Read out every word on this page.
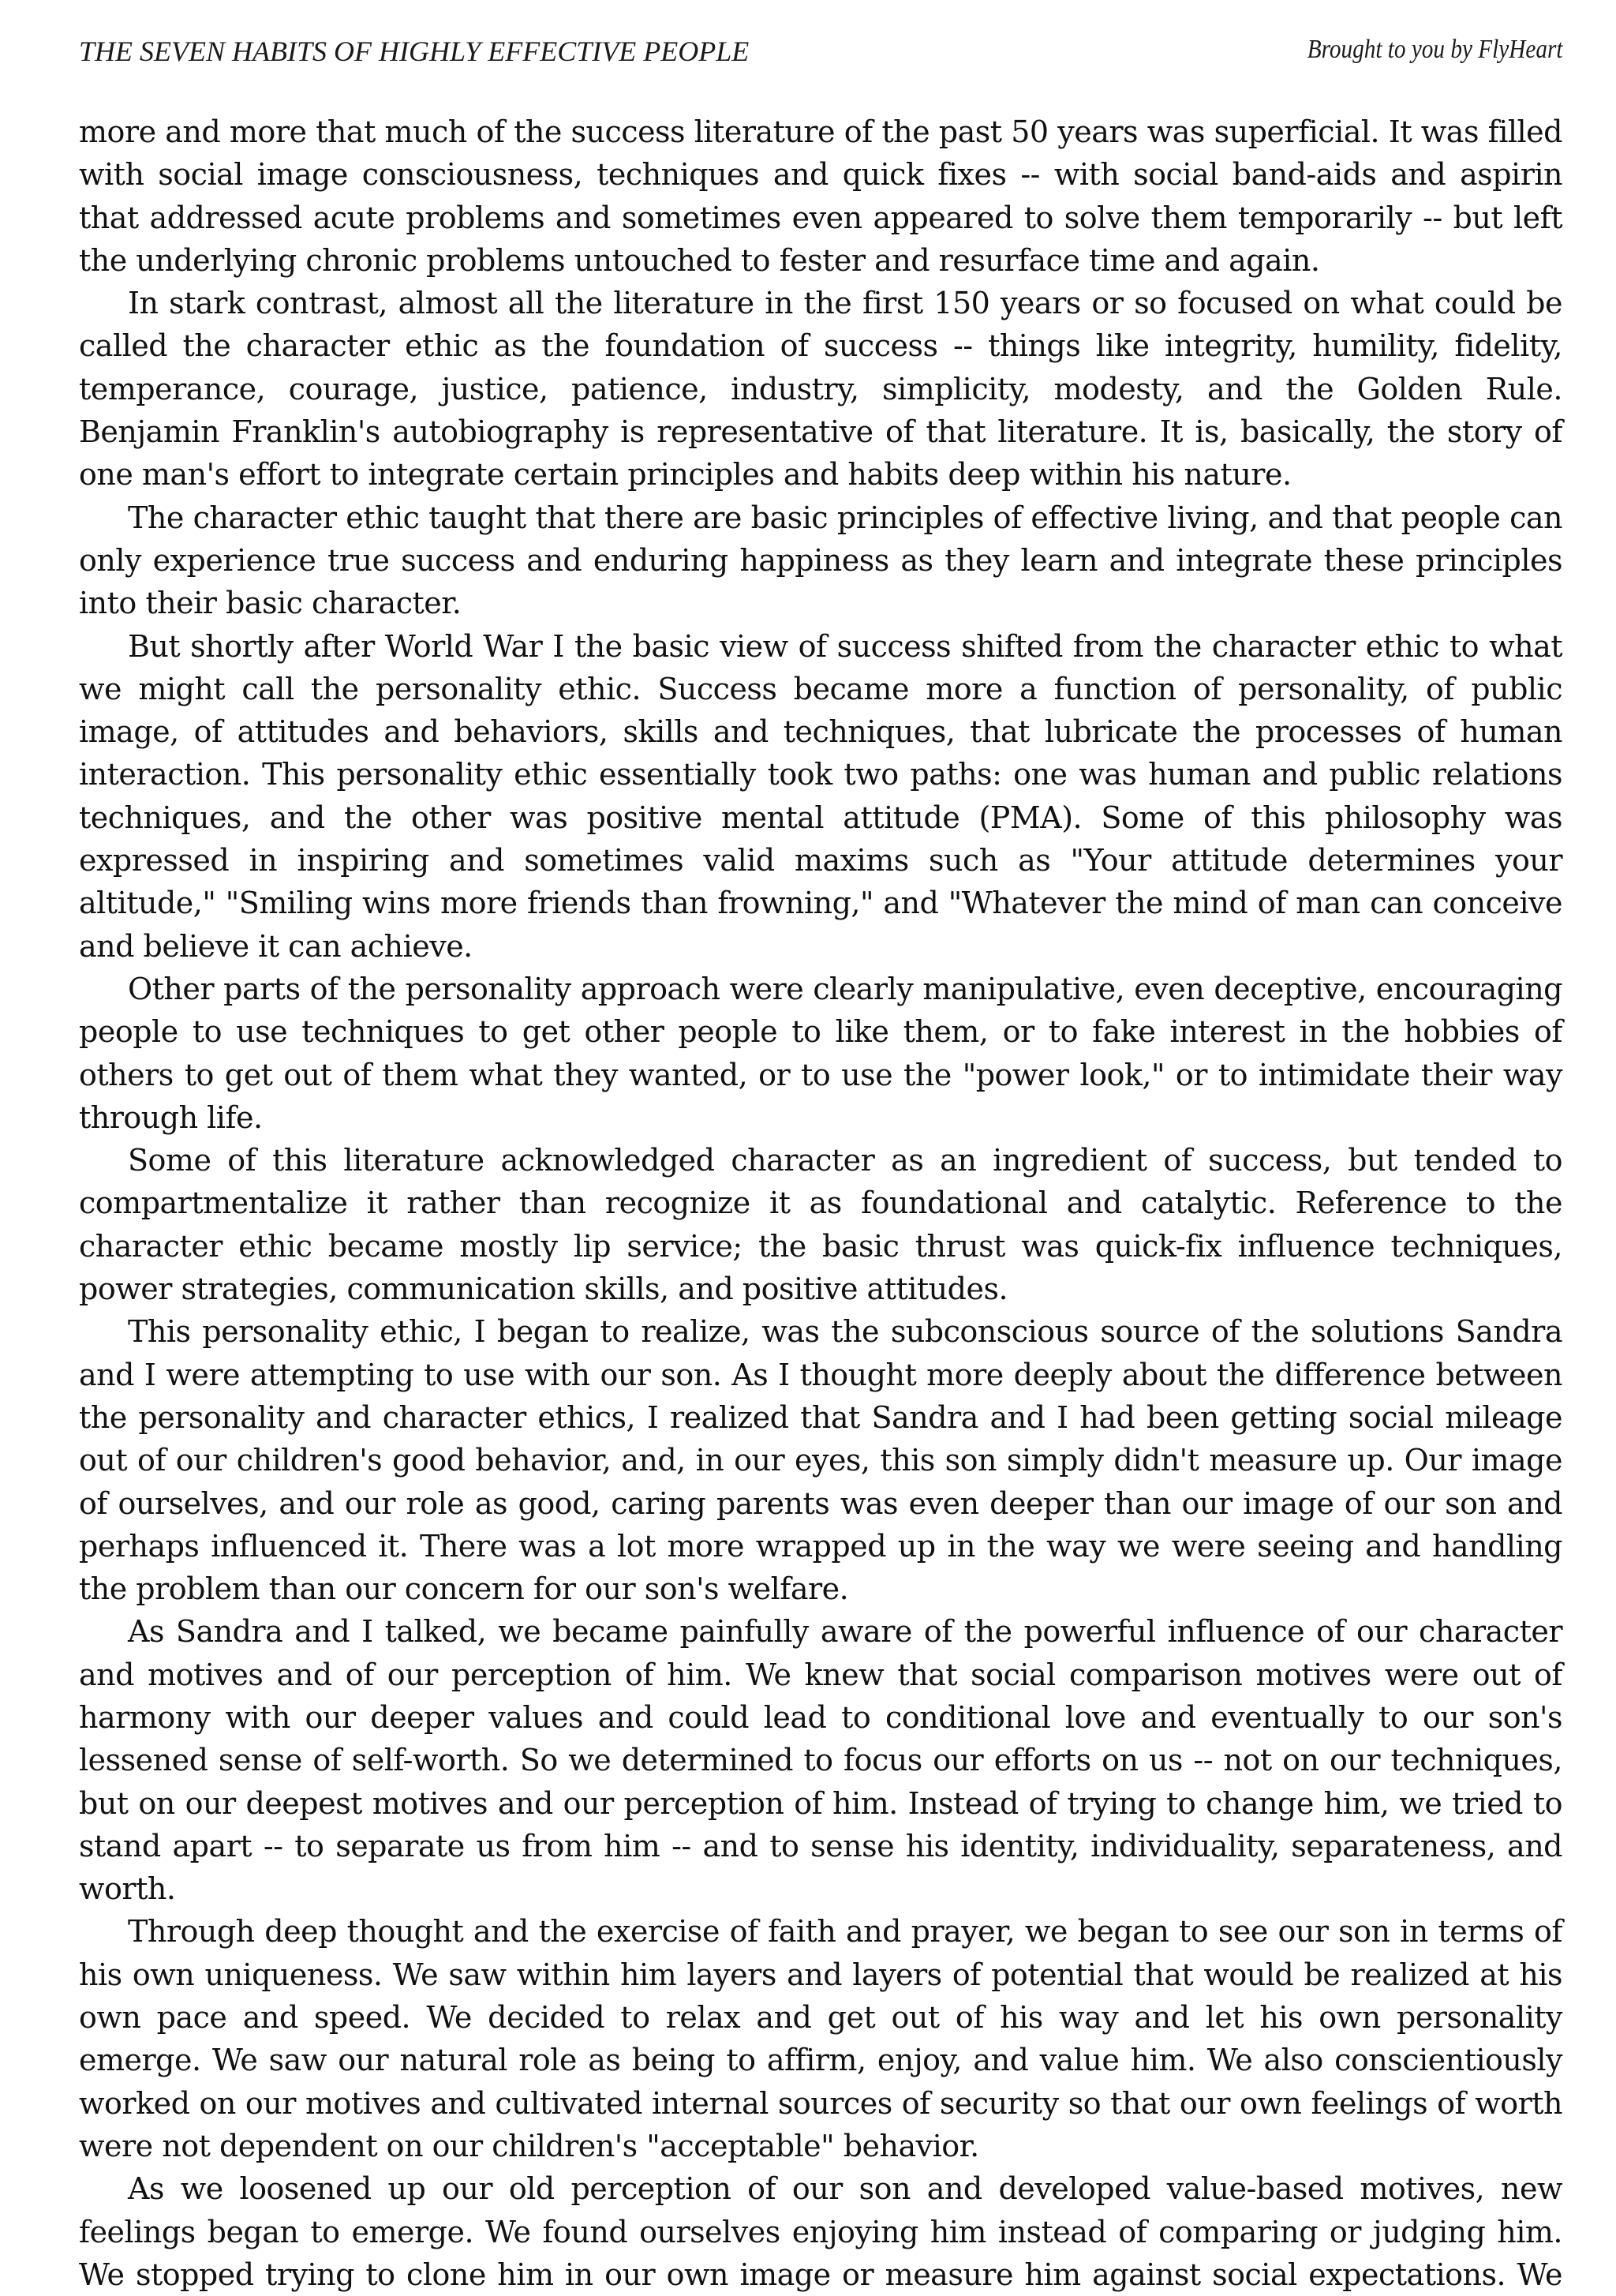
THE SEVEN HABITS OF HIGHLY EFFECTIVE PEOPLE	Brought to you by FlyHeart

more and more that much of the success literature of the past 50 years was superficial. It was filled with social image consciousness, techniques and quick fixes -- with social band-aids and aspirin that addressed acute problems and sometimes even appeared to solve them temporarily -- but left the underlying chronic problems untouched to fester and resurface time and again.

In stark contrast, almost all the literature in the first 150 years or so focused on what could be called the character ethic as the foundation of success -- things like integrity, humility, fidelity, temperance, courage, justice, patience, industry, simplicity, modesty, and the Golden Rule. Benjamin Franklin's autobiography is representative of that literature. It is, basically, the story of one man's effort to integrate certain principles and habits deep within his nature.

The character ethic taught that there are basic principles of effective living, and that people can only experience true success and enduring happiness as they learn and integrate these principles into their basic character.

But shortly after World War I the basic view of success shifted from the character ethic to what we might call the personality ethic. Success became more a function of personality, of public image, of attitudes and behaviors, skills and techniques, that lubricate the processes of human interaction. This personality ethic essentially took two paths: one was human and public relations techniques, and the other was positive mental attitude (PMA). Some of this philosophy was expressed in inspiring and sometimes valid maxims such as "Your attitude determines your altitude," "Smiling wins more friends than frowning," and "Whatever the mind of man can conceive and believe it can achieve.

Other parts of the personality approach were clearly manipulative, even deceptive, encouraging people to use techniques to get other people to like them, or to fake interest in the hobbies of others to get out of them what they wanted, or to use the "power look," or to intimidate their way through life.

Some of this literature acknowledged character as an ingredient of success, but tended to compartmentalize it rather than recognize it as foundational and catalytic. Reference to the character ethic became mostly lip service; the basic thrust was quick-fix influence techniques, power strategies, communication skills, and positive attitudes.

This personality ethic, I began to realize, was the subconscious source of the solutions Sandra and I were attempting to use with our son. As I thought more deeply about the difference between the personality and character ethics, I realized that Sandra and I had been getting social mileage out of our children's good behavior, and, in our eyes, this son simply didn't measure up. Our image of ourselves, and our role as good, caring parents was even deeper than our image of our son and perhaps influenced it. There was a lot more wrapped up in the way we were seeing and handling the problem than our concern for our son's welfare.

As Sandra and I talked, we became painfully aware of the powerful influence of our character and motives and of our perception of him. We knew that social comparison motives were out of harmony with our deeper values and could lead to conditional love and eventually to our son's lessened sense of self-worth. So we determined to focus our efforts on us -- not on our techniques, but on our deepest motives and our perception of him. Instead of trying to change him, we tried to stand apart -- to separate us from him -- and to sense his identity, individuality, separateness, and worth.

Through deep thought and the exercise of faith and prayer, we began to see our son in terms of his own uniqueness. We saw within him layers and layers of potential that would be realized at his own pace and speed. We decided to relax and get out of his way and let his own personality emerge. We saw our natural role as being to affirm, enjoy, and value him. We also conscientiously worked on our motives and cultivated internal sources of security so that our own feelings of worth were not dependent on our children's "acceptable" behavior.

As we loosened up our old perception of our son and developed value-based motives, new feelings began to emerge. We found ourselves enjoying him instead of comparing or judging him. We stopped trying to clone him in our own image or measure him against social expectations. We
